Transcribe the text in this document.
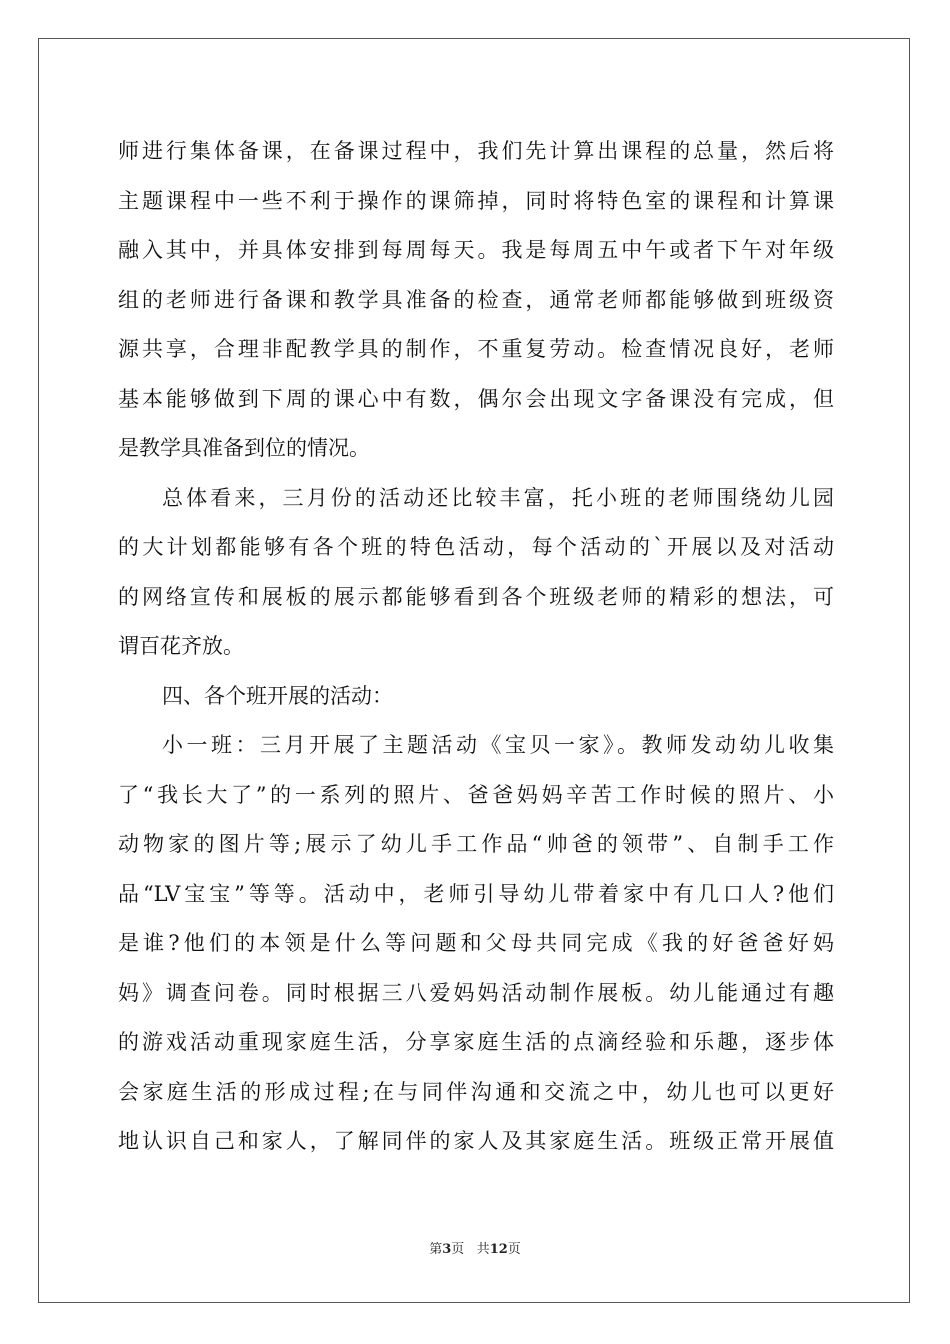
师进行集体备课，在备课过程中，我们先计算出课程的总量，然后将
主题课程中一些不利于操作的课筛掉，同时将特色室的课程和计算课
融入其中，并具体安排到每周每天。我是每周五中午或者下午对年级
组的老师进行备课和教学具准备的检查，通常老师都能够做到班级资
源共享，合理非配教学具的制作，不重复劳动。检查情况良好，老师
基本能够做到下周的课心中有数，偶尔会出现文字备课没有完成，但
是教学具准备到位的情况。
总体看来，三月份的活动还比较丰富，托小班的老师围绕幼儿园
的大计划都能够有各个班的特色活动，每个活动的`开展以及对活动
的网络宣传和展板的展示都能够看到各个班级老师的精彩的想法，可
谓百花齐放。
四、各个班开展的活动：
小一班：三月开展了主题活动《宝贝一家》。教师发动幼儿收集
了“我长大了”的一系列的照片、爸爸妈妈辛苦工作时候的照片、小
动物家的图片等;展示了幼儿手工作品“帅爸的领带”、自制手工作
品“LV宝宝”等等。活动中，老师引导幼儿带着家中有几口人?他们
是谁?他们的本领是什么等问题和父母共同完成《我的好爸爸好妈
妈》调查问卷。同时根据三八爱妈妈活动制作展板。幼儿能通过有趣
的游戏活动重现家庭生活，分享家庭生活的点滴经验和乐趣，逐步体
会家庭生活的形成过程;在与同伴沟通和交流之中，幼儿也可以更好
地认识自己和家人，了解同伴的家人及其家庭生活。班级正常开展值
第3页 共12页
